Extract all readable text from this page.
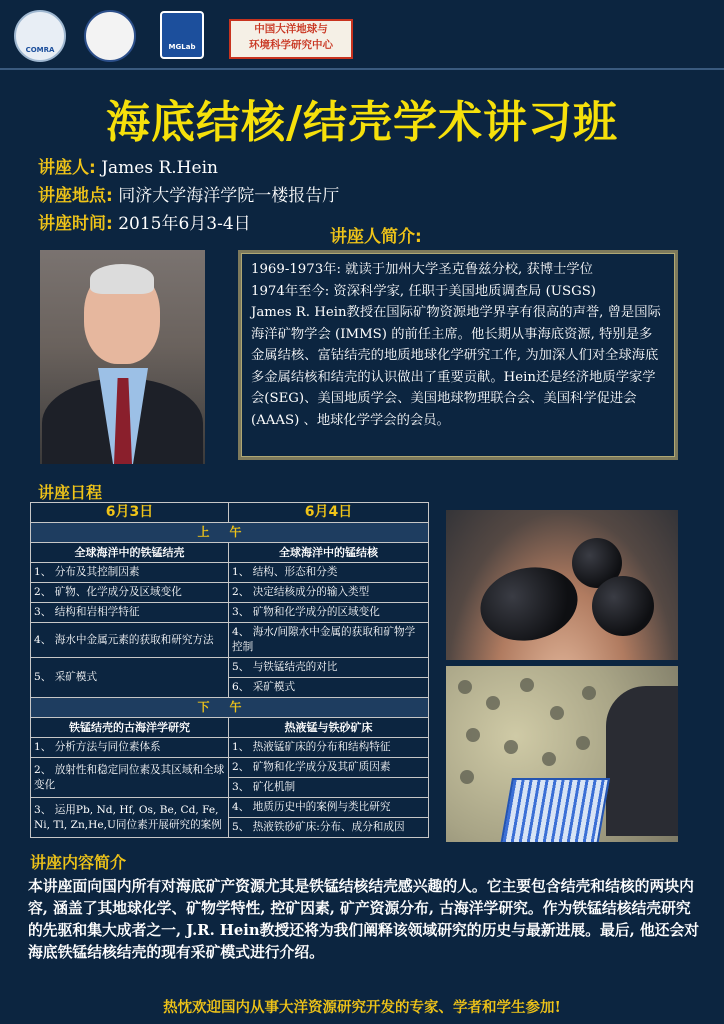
COMRA	MGLab
中国大洋地球与
环境科学研究中心
海底结核/结壳学术讲习班
讲座人: James R.Hein
讲座地点: 同济大学海洋学院一楼报告厅
讲座时间: 2015年6月3-4日
讲座人简介:

1969-1973年: 就读于加州大学圣克鲁兹分校, 获博士学位

1974年至今: 资深科学家, 任职于美国地质调查局 (USGS)

James R. Hein教授在国际矿物资源地学界享有很高的声誉, 曾是国际海洋矿物学会 (IMMS) 的前任主席。他长期从事海底资源, 特别是多金属结核、富钴结壳的地质地球化学研究工作, 为加深人们对全球海底多金属结核和结壳的认识做出了重要贡献。Hein还是经济地质学家学会(SEG)、美国地质学会、美国地球物理联合会、美国科学促进会 (AAAS) 、地球化学学会的会员。

讲座日程
6月3日	6月4日
上午	
全球海洋中的铁锰结壳	全球海洋中的锰结核
1、 分布及其控制因素	1、 结构、形态和分类
2、 矿物、化学成分及区域变化	2、 决定结核成分的输入类型
3、 结构和岩相学特征	3、 矿物和化学成分的区域变化
4、 海水中金属元素的获取和研究方法	4、 海水/间隙水中金属的获取和矿物学控制
5、 采矿模式	5、 与铁锰结壳的对比
	6、 采矿模式
下午	
铁锰结壳的古海洋学研究	热液锰与铁砂矿床
1、 分析方法与同位素体系	1、 热液锰矿床的分布和结构特征
2、 放射性和稳定同位素及其区域和全球变化	2、 矿物和化学成分及其矿质因素
	3、 矿化机制
3、 运用Pb, Nd, Hf, Os, Be, Cd, Fe, Ni, Tl, Zn,He,U同位素开展研究的案例	4、 地质历史中的案例与类比研究
	5、 热液铁砂矿床:分布、成分和成因
讲座内容简介
本讲座面向国内所有对海底矿产资源尤其是铁锰结核结壳感兴趣的人。它主要包含结壳和结核的两块内容, 涵盖了其地球化学、矿物学特性, 控矿因素, 矿产资源分布, 古海洋学研究。作为铁锰结核结壳研究的先驱和集大成者之一, J.R. Hein教授还将为我们阐释该领域研究的历史与最新进展。最后, 他还会对海底铁锰结核结壳的现有采矿模式进行介绍。
热忱欢迎国内从事大洋资源研究开发的专家、学者和学生参加!
